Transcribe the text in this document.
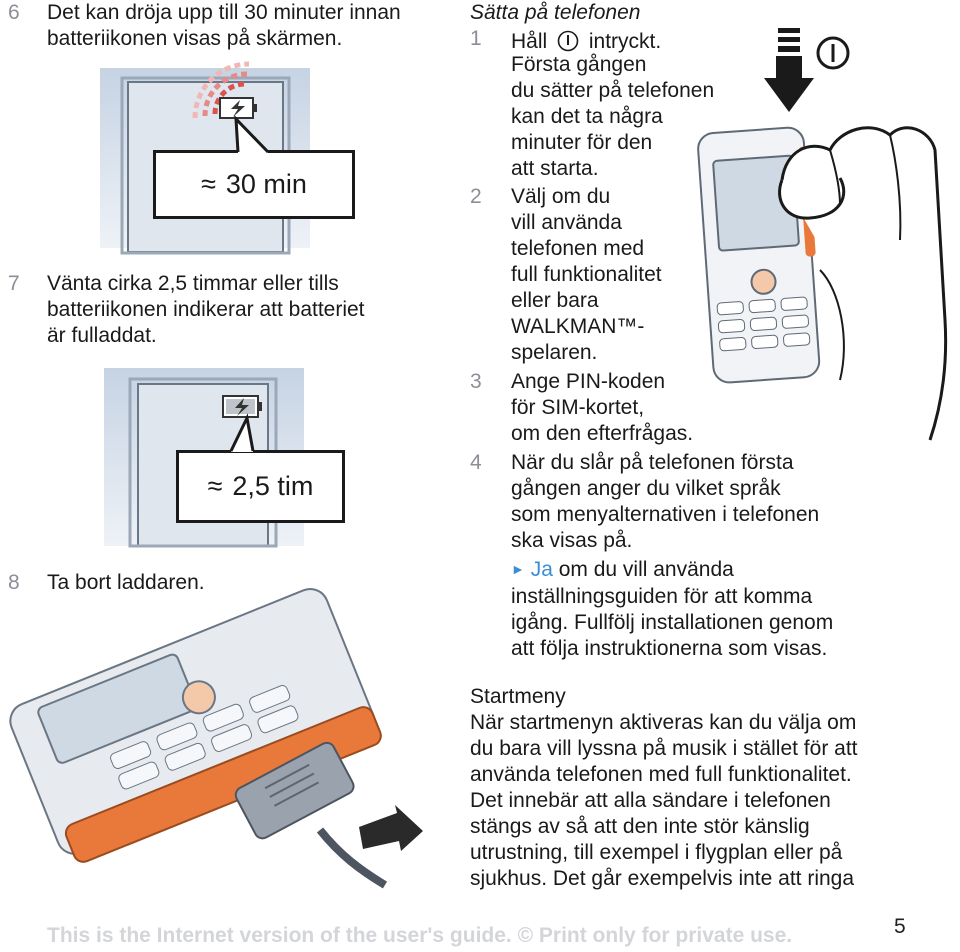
6 Det kan dröja upp till 30 minuter innan
batteriikonen visas på skärmen.
≈ 30 min
7 Vänta cirka 2,5 timmar eller tills
batteriikonen indikerar att batteriet
är fulladdat.
≈ 2,5 tim
8 Ta bort laddaren.
Sätta på telefonen
1 Håll intryckt.
Första gången
du sätter på telefonen
kan det ta några
minuter för den
att starta.
2 Välj om du
vill använda
telefonen med
full funktionalitet
eller bara
WALKMAN™-
spelaren.
3 Ange PIN-koden
för SIM-kortet,
om den efterfrågas.
4 När du slår på telefonen första
gången anger du vilket språk
som menyalternativen i telefonen
ska visas på.
► Ja om du vill använda
inställningsguiden för att komma
igång. Fullfölj installationen genom
att följa instruktionerna som visas.
Startmeny
När startmenyn aktiveras kan du välja om
du bara vill lyssna på musik i stället för att
använda telefonen med full funktionalitet.
Det innebär att alla sändare i telefonen
stängs av så att den inte stör känslig
utrustning, till exempel i flygplan eller på
sjukhus. Det går exempelvis inte att ringa
This is the Internet version of the user's guide. © Print only for private use.	5
